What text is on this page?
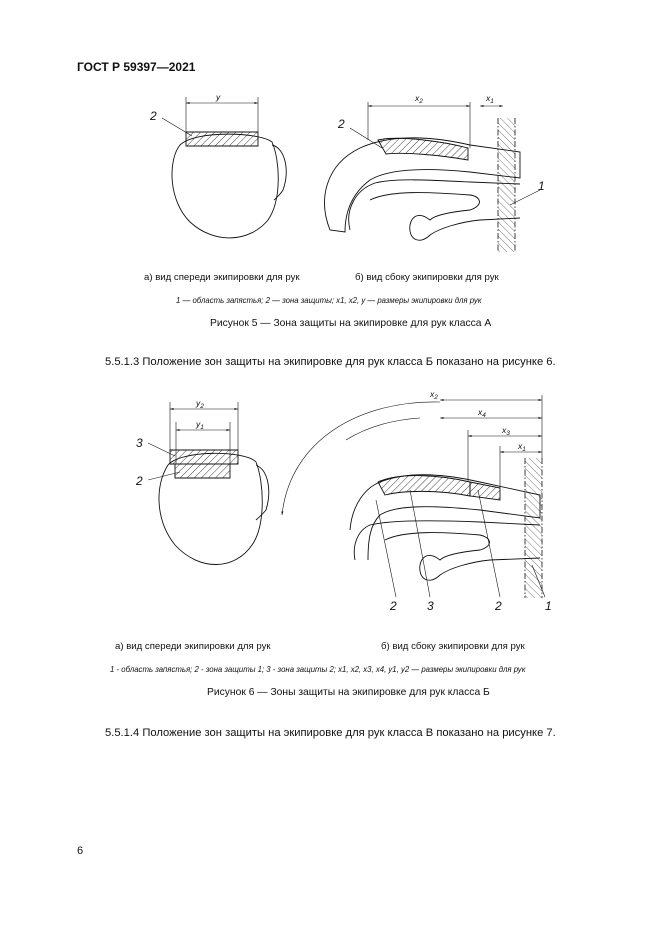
ГОСТ Р 59397—2021
2
y
2
1
$x_2$	$x_1$
3
2
$y_2$
$y_1$
$x_2$
$x_4$
$x_3$
$x_1$
2	3	2	1
а) вид спереди экипировки для рук	б) вид сбоку экипировки для рук
1 — область запястья; 2 — зона защиты; x1, x2, y — размеры экипировки для рук
Рисунок 5 — Зона защиты на экипировке для рук класса А
5.5.1.3 Положение зон защиты на экипировке для рук класса Б показано на рисунке 6.
а) вид спереди экипировки для рук	б) вид сбоку экипировки для рук
1 - область запястья; 2 - зона защиты 1; 3 - зона защиты 2; x1, x2, x3, x4, y1, y2 — размеры экипировки для рук
Рисунок 6 — Зоны защиты на экипировке для рук класса Б
5.5.1.4 Положение зон защиты на экипировке для рук класса В показано на рисунке 7.
6
